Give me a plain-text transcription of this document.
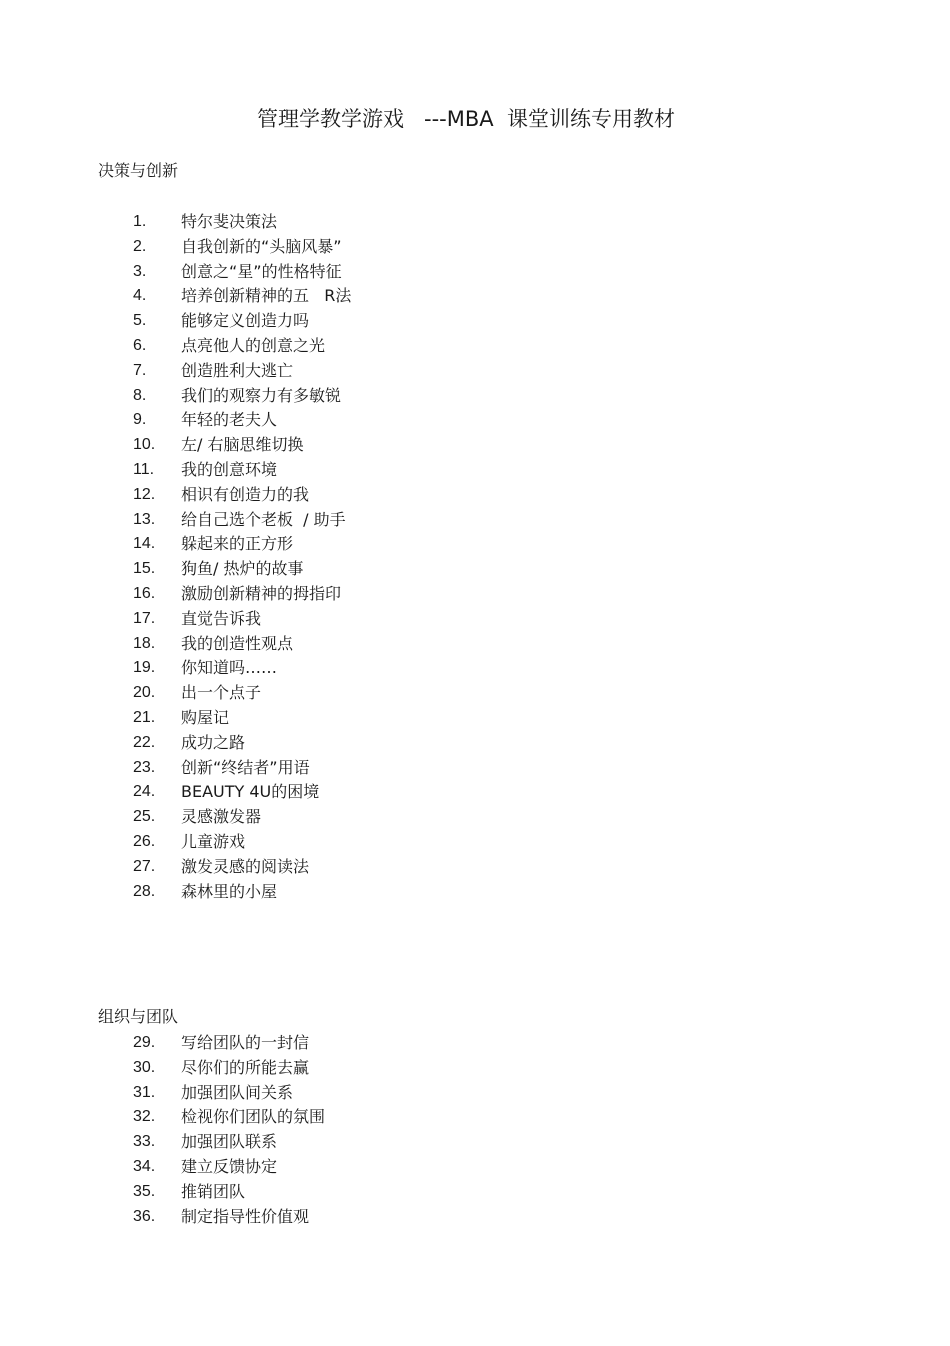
管理学教学游戏   ---MBA  课堂训练专用教材
决策与创新
1.	特尔斐决策法
2.	自我创新的“头脑风暴”
3.	创意之“星”的性格特征
4.	培养创新精神的五   R法
5.	能够定义创造力吗
6.	点亮他人的创意之光
7.	创造胜利大逃亡
8.	我们的观察力有多敏锐
9.	年轻的老夫人
10.	左/ 右脑思维切换
11.	我的创意环境
12.	相识有创造力的我
13.	给自己选个老板  / 助手
14.	躲起来的正方形
15.	狗鱼/ 热炉的故事
16.	激励创新精神的拇指印
17.	直觉告诉我
18.	我的创造性观点
19.	你知道吗……
20.	出一个点子
21.	购屋记
22.	成功之路
23.	创新“终结者”用语
24.	BEAUTY 4U的困境
25.	灵感激发器
26.	儿童游戏
27.	激发灵感的阅读法
28.	森林里的小屋
组织与团队
29.	写给团队的一封信
30.	尽你们的所能去赢
31.	加强团队间关系
32.	检视你们团队的氛围
33.	加强团队联系
34.	建立反馈协定
35.	推销团队
36.	制定指导性价值观
